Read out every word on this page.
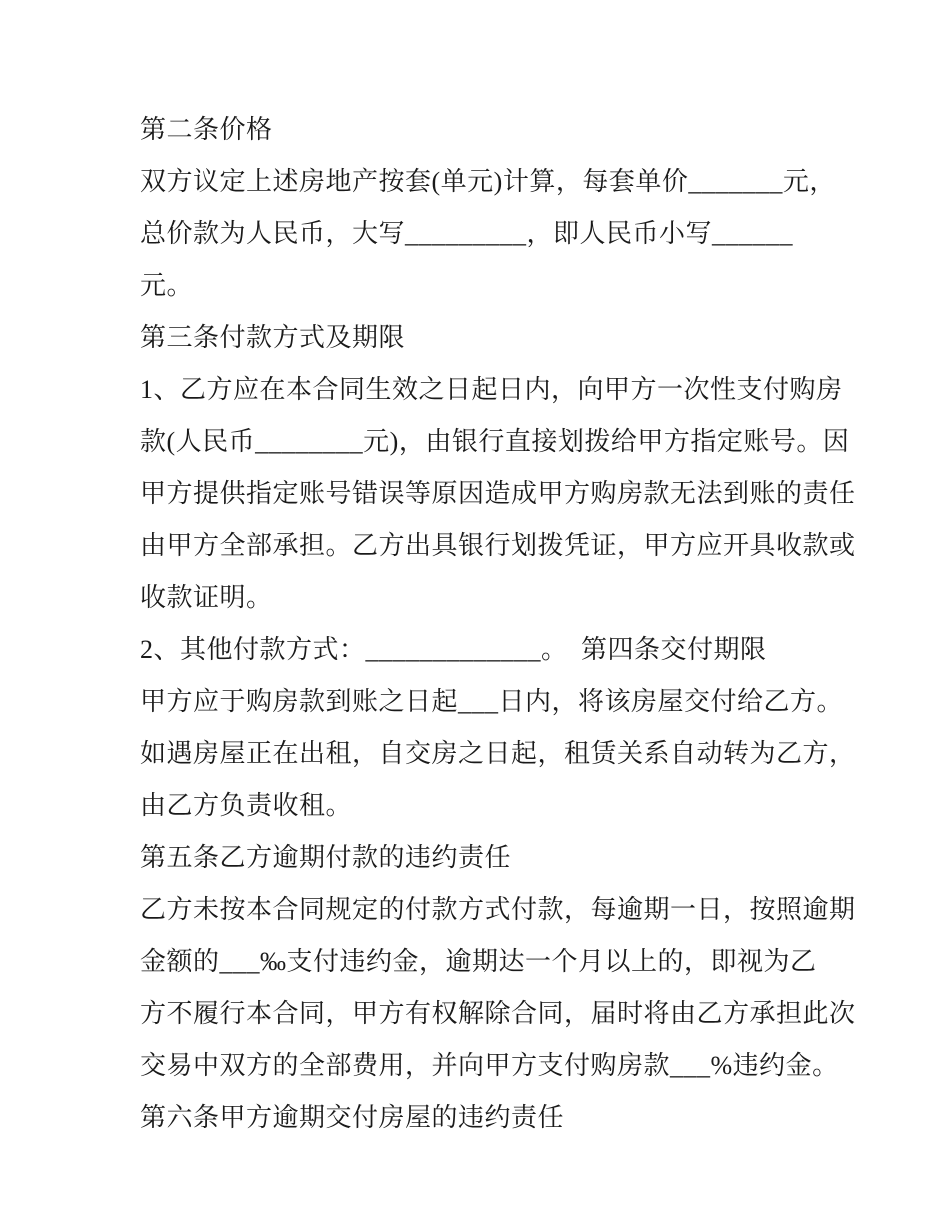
第二条价格
双方议定上述房地产按套(单元)计算，每套单价_______元，
总价款为人民币，大写_________，即人民币小写______
元。
第三条付款方式及期限
1、乙方应在本合同生效之日起日内，向甲方一次性支付购房
款(人民币________元)，由银行直接划拨给甲方指定账号。因
甲方提供指定账号错误等原因造成甲方购房款无法到账的责任
由甲方全部承担。乙方出具银行划拨凭证，甲方应开具收款或
收款证明。
2、其他付款方式：_____________。　第四条交付期限
甲方应于购房款到账之日起___日内，将该房屋交付给乙方。
如遇房屋正在出租，自交房之日起，租赁关系自动转为乙方，
由乙方负责收租。
第五条乙方逾期付款的违约责任
乙方未按本合同规定的付款方式付款，每逾期一日，按照逾期
金额的___‰支付违约金，逾期达一个月以上的，即视为乙
方不履行本合同，甲方有权解除合同，届时将由乙方承担此次
交易中双方的全部费用，并向甲方支付购房款___%违约金。
第六条甲方逾期交付房屋的违约责任
